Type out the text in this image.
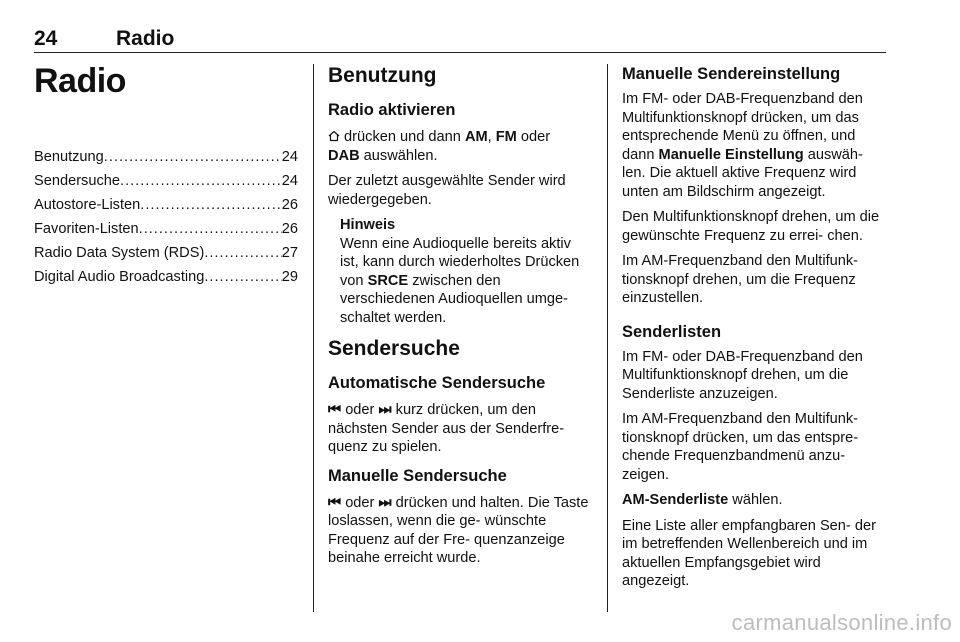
24	Radio
Radio
Benutzung .....	24
Sendersuche .....	24
Autostore-Listen .....	26
Favoriten-Listen .....	26
Radio Data System (RDS) .....	27
Digital Audio Broadcasting .....	29
Benutzung
Radio aktivieren

drücken und dann AM, FM oder
DAB auswählen.

Der zuletzt ausgewählte Sender wird wiedergegeben.

Hinweis

Wenn eine Audioquelle bereits aktiv ist, kann durch wiederholtes Drücken von SRCE zwischen den verschiedenen Audioquellen umge- schaltet werden.

Sendersuche
Automatische Sendersuche

⏮ oder ⏭ kurz drücken, um den nächsten Sender aus der Senderfre- quenz zu spielen.

Manuelle Sendersuche

⏮ oder ⏭ drücken und halten. Die Taste loslassen, wenn die ge- wünschte Frequenz auf der Fre- quenzanzeige beinahe erreicht wurde.

Manuelle Sendereinstellung

Im FM- oder DAB-Frequenzband den Multifunktionsknopf drücken, um das entsprechende Menü zu öffnen, und dann Manuelle Einstellung auswäh- len. Die aktuell aktive Frequenz wird unten am Bildschirm angezeigt.

Den Multifunktionsknopf drehen, um die gewünschte Frequenz zu errei- chen.

Im AM-Frequenzband den Multifunk- tionsknopf drehen, um die Frequenz einzustellen.

Senderlisten

Im FM- oder DAB-Frequenzband den Multifunktionsknopf drehen, um die Senderliste anzuzeigen.

Im AM-Frequenzband den Multifunk- tionsknopf drücken, um das entspre- chende Frequenzbandmenü anzu- zeigen.

AM-Senderliste wählen.

Eine Liste aller empfangbaren Sen- der im betreffenden Wellenbereich und im aktuellen Empfangsgebiet wird angezeigt.

carmanualsonline.info
